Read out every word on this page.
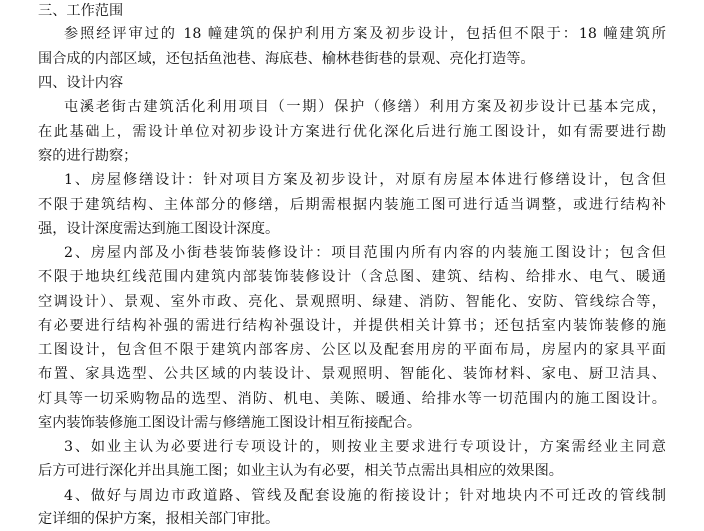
三、工作范围
参照经评审过的 18 幢建筑的保护利用方案及初步设计，包括但不限于：18 幢建筑所
围合成的内部区域，还包括鱼池巷、海底巷、榆林巷街巷的景观、亮化打造等。
四、设计内容
屯溪老街古建筑活化利用项目（一期）保护（修缮）利用方案及初步设计已基本完成，
在此基础上，需设计单位对初步设计方案进行优化深化后进行施工图设计，如有需要进行勘
察的进行勘察；
1、房屋修缮设计：针对项目方案及初步设计，对原有房屋本体进行修缮设计，包含但
不限于建筑结构、主体部分的修缮，后期需根据内装施工图可进行适当调整，或进行结构补
强，设计深度需达到施工图设计深度。
2、房屋内部及小街巷装饰装修设计：项目范围内所有内容的内装施工图设计；包含但
不限于地块红线范围内建筑内部装饰装修设计（含总图、建筑、结构、给排水、电气、暖通
空调设计）、景观、室外市政、亮化、景观照明、绿建、消防、智能化、安防、管线综合等，
有必要进行结构补强的需进行结构补强设计，并提供相关计算书；还包括室内装饰装修的施
工图设计，包含但不限于建筑内部客房、公区以及配套用房的平面布局，房屋内的家具平面
布置、家具选型、公共区域的内装设计、景观照明、智能化、装饰材料、家电、厨卫洁具、
灯具等一切采购物品的选型、消防、机电、美陈、暖通、给排水等一切范围内的施工图设计。
室内装饰装修施工图设计需与修缮施工图设计相互衔接配合。
3、如业主认为必要进行专项设计的，则按业主要求进行专项设计，方案需经业主同意
后方可进行深化并出具施工图；如业主认为有必要，相关节点需出具相应的效果图。
4、做好与周边市政道路、管线及配套设施的衔接设计；针对地块内不可迁改的管线制
定详细的保护方案，报相关部门审批。
